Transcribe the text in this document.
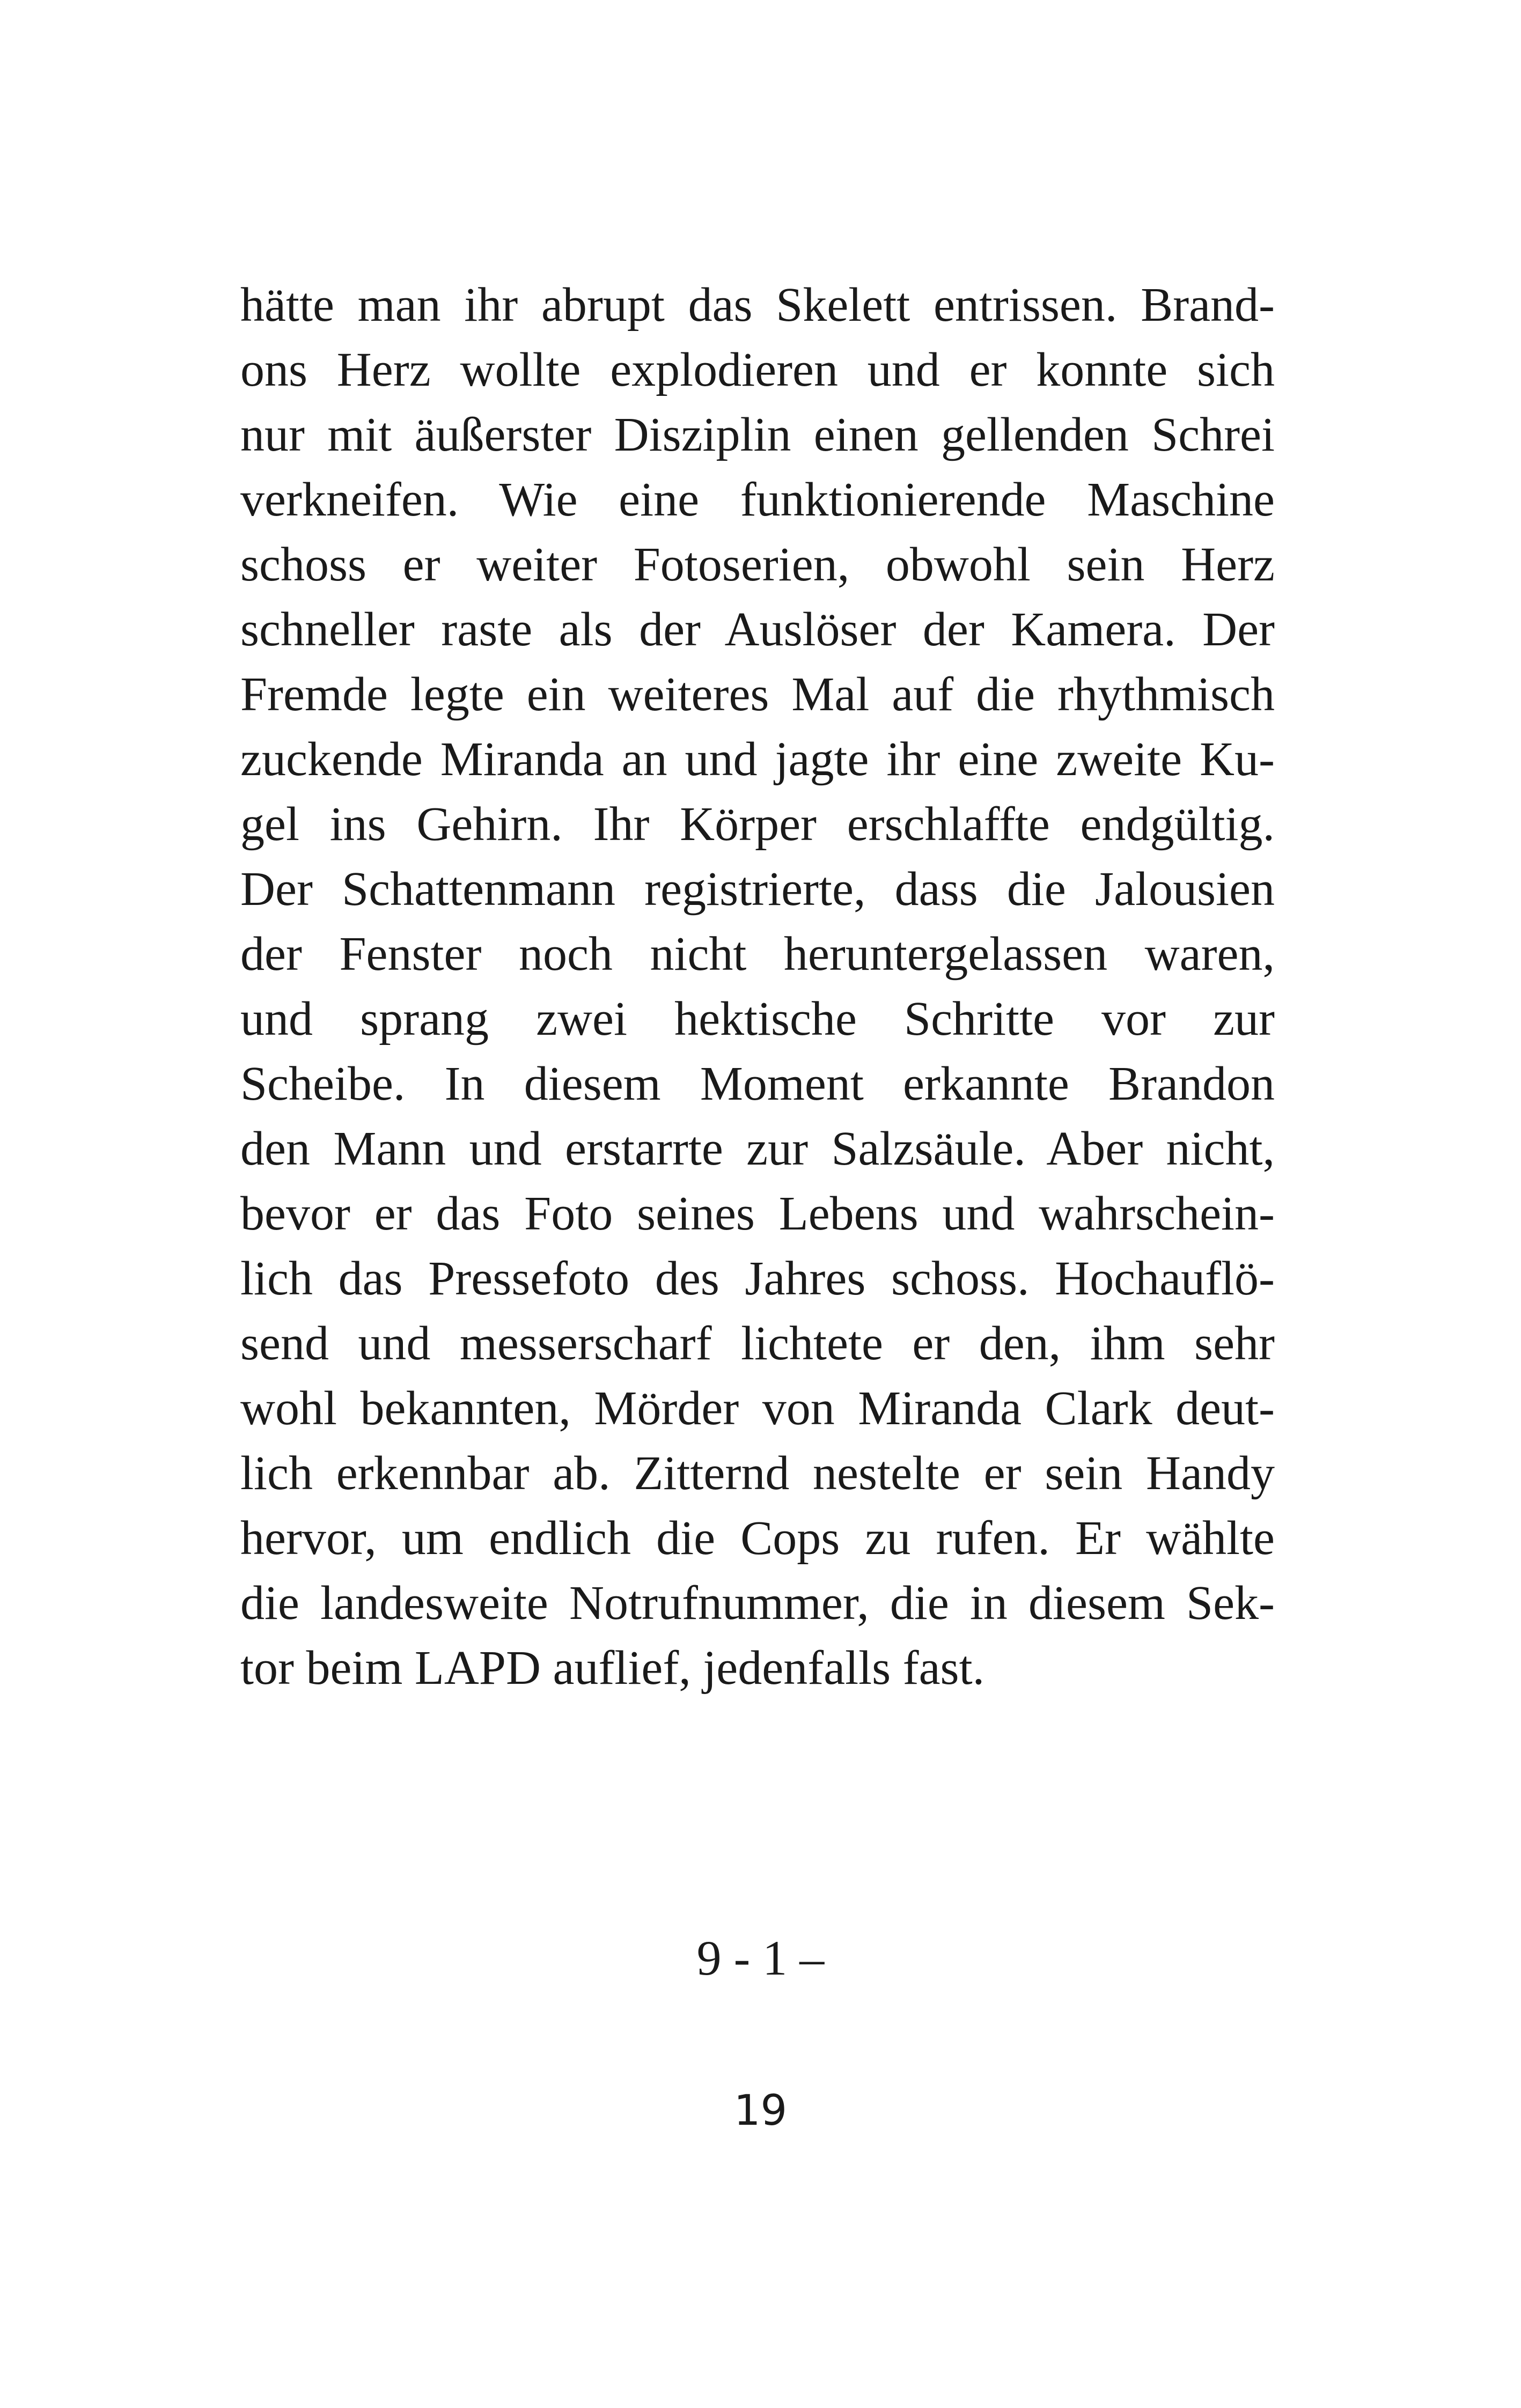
hätte man ihr abrupt das Skelett entrissen. Brand-
ons Herz wollte explodieren und er konnte sich
nur mit äußerster Disziplin einen gellenden Schrei
verkneifen. Wie eine funktionierende Maschine
schoss er weiter Fotoserien, obwohl sein Herz
schneller raste als der Auslöser der Kamera. Der
Fremde legte ein weiteres Mal auf die rhythmisch
zuckende Miranda an und jagte ihr eine zweite Ku-
gel ins Gehirn. Ihr Körper erschlaffte endgültig.
Der Schattenmann registrierte, dass die Jalousien
der Fenster noch nicht heruntergelassen waren,
und sprang zwei hektische Schritte vor zur
Scheibe. In diesem Moment erkannte Brandon
den Mann und erstarrte zur Salzsäule. Aber nicht,
bevor er das Foto seines Lebens und wahrschein-
lich das Pressefoto des Jahres schoss. Hochauflö-
send und messerscharf lichtete er den, ihm sehr
wohl bekannten, Mörder von Miranda Clark deut-
lich erkennbar ab. Zitternd nestelte er sein Handy
hervor, um endlich die Cops zu rufen. Er wählte
die landesweite Notrufnummer, die in diesem Sek-
tor beim LAPD auflief, jedenfalls fast.
9 - 1 –
19
